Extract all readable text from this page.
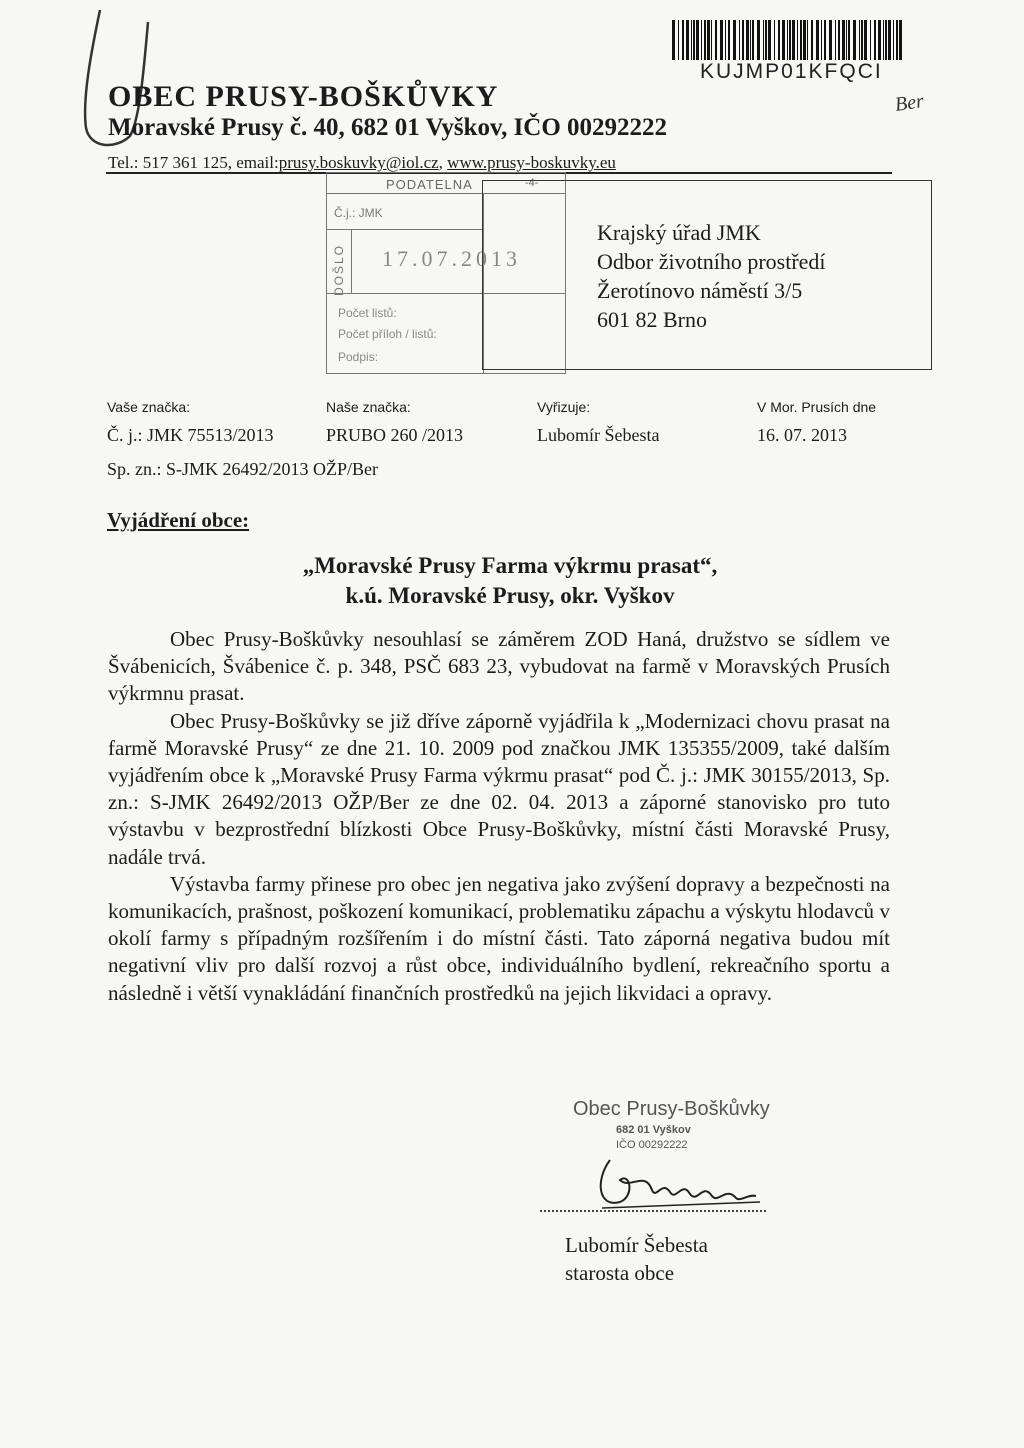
OBEC PRUSY-BOŠKŮVKY
Moravské Prusy č. 40, 682 01 Vyškov, IČO 00292222
Tel.: 517 361 125, email:prusy.boskuvky@iol.cz, www.prusy-boskuvky.eu
KUJMP01KFQCI
Ber
PODATELNA	-4-
Č.j.: JMK
DOŠLO 17.07.2013
Počet listů:
Počet příloh / listů:
Podpis:
Krajský úřad JMK
Odbor životního prostředí
Žerotínovo náměstí 3/5
601 82 Brno
Vaše značka:	Naše značka:	Vyřizuje:	V Mor. Prusích dne
Č. j.: JMK 75513/2013	PRUBO 260 /2013	Lubomír Šebesta	16. 07. 2013
Sp. zn.: S-JMK 26492/2013 OŽP/Ber
Vyjádření obce:
„Moravské Prusy Farma výkrmu prasat“,
k.ú. Moravské Prusy, okr. Vyškov

Obec Prusy-Boškůvky nesouhlasí se záměrem ZOD Haná, družstvo se sídlem ve Švábenicích, Švábenice č. p. 348, PSČ 683 23, vybudovat na farmě v Moravských Prusích výkrmnu prasat.

Obec Prusy-Boškůvky se již dříve záporně vyjádřila k „Modernizaci chovu prasat na farmě Moravské Prusy“ ze dne 21. 10. 2009 pod značkou JMK 135355/2009, také dalším vyjádřením obce k „Moravské Prusy Farma výkrmu prasat“ pod Č. j.: JMK 30155/2013, Sp. zn.: S-JMK 26492/2013 OŽP/Ber ze dne 02. 04. 2013 a záporné stanovisko pro tuto výstavbu v bezprostřední blízkosti Obce Prusy-Boškůvky, místní části Moravské Prusy, nadále trvá.

Výstavba farmy přinese pro obec jen negativa jako zvýšení dopravy a bezpečnosti na komunikacích, prašnost, poškození komunikací, problematiku zápachu a výskytu hlodavců v okolí farmy s případným rozšířením i do místní části. Tato záporná negativa budou mít negativní vliv pro další rozvoj a růst obce, individuálního bydlení, rekreačního sportu a následně i větší vynakládání finančních prostředků na jejich likvidaci a opravy.

Obec Prusy-Boškůvky
682 01 Vyškov
IČO 00292222
Lubomír Šebesta
starosta obce
